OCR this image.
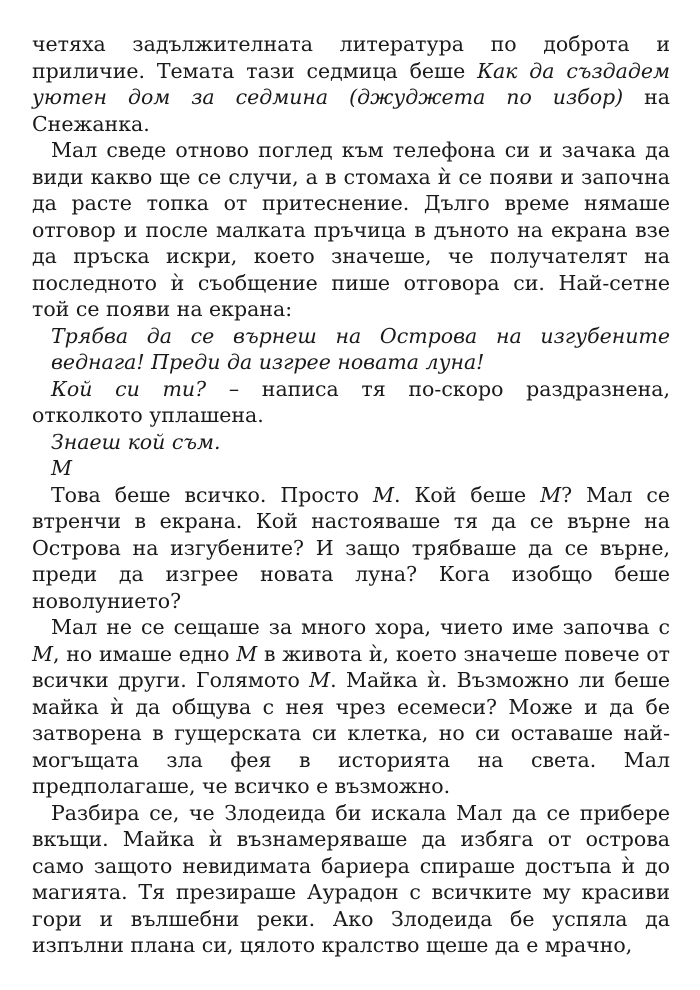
четяха задължителната литература по доброта и приличие. Темата тази седмица беше Как да създадем уютен дом за седмина (джуджета по избор) на Снежанка.

Мал сведе отново поглед към телефона си и зачака да види какво ще се случи, а в стомаха ѝ се появи и започна да расте топка от притеснение. Дълго време нямаше отговор и после малката пръчица в дъното на екрана взе да пръска искри, което значеше, че получателят на последното ѝ съобщение пише отговора си. Най-сетне той се появи на екрана:

Трябва да се върнеш на Острова на изгубените веднага! Преди да изгрее новата луна!

Кой си ти? – написа тя по-скоро раздразнена, отколкото уплашена.

Знаеш кой съм.

М

Това беше всичко. Просто М. Кой беше М? Мал се втренчи в екрана. Кой настояваше тя да се върне на Острова на изгубените? И защо трябваше да се върне, преди да изгрее новата луна? Кога изобщо беше новолунието?

Мал не се сещаше за много хора, чието име започва с М, но имаше едно М в живота ѝ, което значеше повече от всички други. Голямото М. Майка ѝ. Възможно ли беше майка ѝ да общува с нея чрез есемеси? Може и да бе затворена в гущерската си клетка, но си оставаше най-могъщата зла фея в историята на света. Мал предполагаше, че всичко е възможно.

Разбира се, че Злодеида би искала Мал да се прибере вкъщи. Майка ѝ възнамеряваше да избяга от острова само защото невидимата бариера спираше достъпа ѝ до магията. Тя презираше Аурадон с всичките му красиви гори и вълшебни реки. Ако Злодеида бе успяла да изпълни плана си, цялото кралство щеше да е мрачно,
